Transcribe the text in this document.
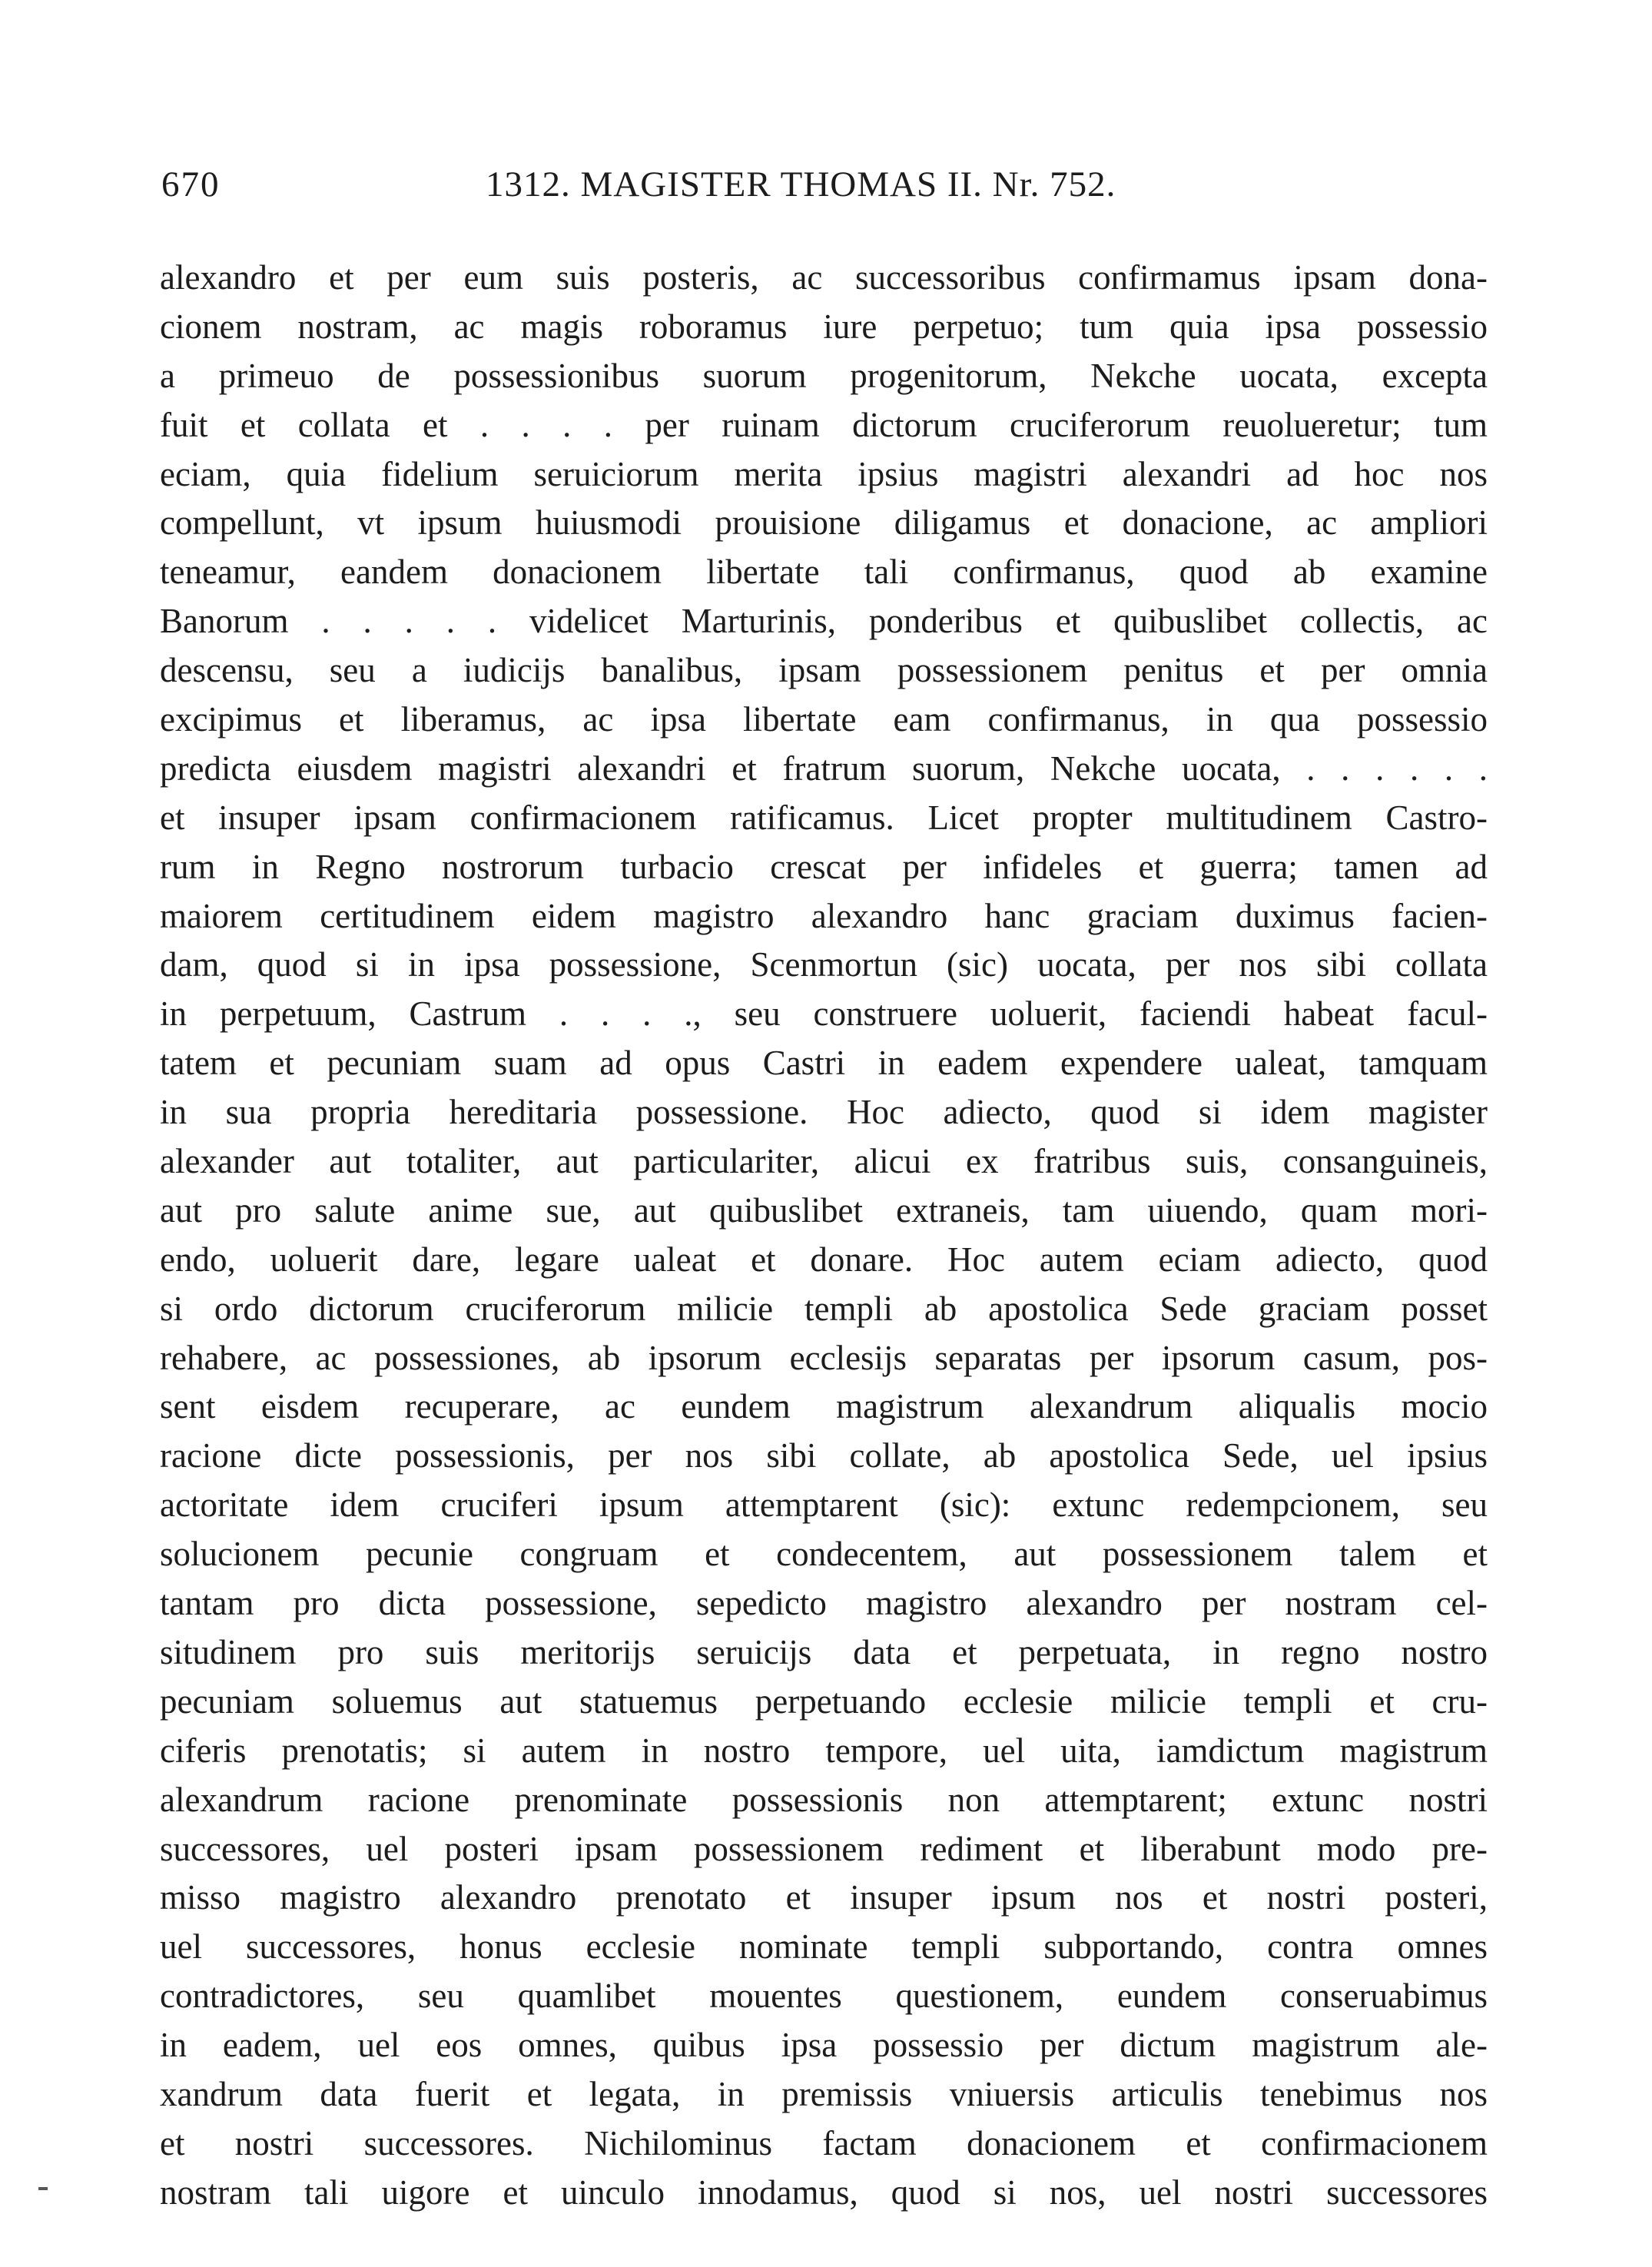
670	1312. MAGISTER THOMAS II. Nr. 752.
alexandro et per eum suis posteris, ac successoribus confirmamus ipsam dona-
cionem nostram, ac magis roboramus iure perpetuo; tum quia ipsa possessio
a primeuo de possessionibus suorum progenitorum, Nekche uocata, excepta
fuit et collata et . . . . per ruinam dictorum cruciferorum reuolueretur; tum
eciam, quia fidelium seruiciorum merita ipsius magistri alexandri ad hoc nos
compellunt, vt ipsum huiusmodi prouisione diligamus et donacione, ac ampliori
teneamur, eandem donacionem libertate tali confirmanus, quod ab examine
Banorum . . . . . videlicet Marturinis, ponderibus et quibuslibet collectis, ac
descensu, seu a iudicijs banalibus, ipsam possessionem penitus et per omnia
excipimus et liberamus, ac ipsa libertate eam confirmanus, in qua possessio
predicta eiusdem magistri alexandri et fratrum suorum, Nekche uocata, . . . . . .
et insuper ipsam confirmacionem ratificamus. Licet propter multitudinem Castro-
rum in Regno nostrorum turbacio crescat per infideles et guerra; tamen ad
maiorem certitudinem eidem magistro alexandro hanc graciam duximus facien-
dam, quod si in ipsa possessione, Scenmortun (sic) uocata, per nos sibi collata
in perpetuum, Castrum . . . ., seu construere uoluerit, faciendi habeat facul-
tatem et pecuniam suam ad opus Castri in eadem expendere ualeat, tamquam
in sua propria hereditaria possessione. Hoc adiecto, quod si idem magister
alexander aut totaliter, aut particulariter, alicui ex fratribus suis, consanguineis,
aut pro salute anime sue, aut quibuslibet extraneis, tam uiuendo, quam mori-
endo, uoluerit dare, legare ualeat et donare. Hoc autem eciam adiecto, quod
si ordo dictorum cruciferorum milicie templi ab apostolica Sede graciam posset
rehabere, ac possessiones, ab ipsorum ecclesijs separatas per ipsorum casum, pos-
sent eisdem recuperare, ac eundem magistrum alexandrum aliqualis mocio
racione dicte possessionis, per nos sibi collate, ab apostolica Sede, uel ipsius
actoritate idem cruciferi ipsum attemptarent (sic): extunc redempcionem, seu
solucionem pecunie congruam et condecentem, aut possessionem talem et
tantam pro dicta possessione, sepedicto magistro alexandro per nostram cel-
situdinem pro suis meritorijs seruicijs data et perpetuata, in regno nostro
pecuniam soluemus aut statuemus perpetuando ecclesie milicie templi et cru-
ciferis prenotatis; si autem in nostro tempore, uel uita, iamdictum magistrum
alexandrum racione prenominate possessionis non attemptarent; extunc nostri
successores, uel posteri ipsam possessionem rediment et liberabunt modo pre-
misso magistro alexandro prenotato et insuper ipsum nos et nostri posteri,
uel successores, honus ecclesie nominate templi subportando, contra omnes
contradictores, seu quamlibet mouentes questionem, eundem conseruabimus
in eadem, uel eos omnes, quibus ipsa possessio per dictum magistrum ale-
xandrum data fuerit et legata, in premissis vniuersis articulis tenebimus nos
et nostri successores. Nichilominus factam donacionem et confirmacionem
nostram tali uigore et uinculo innodamus, quod si nos, uel nostri successores
